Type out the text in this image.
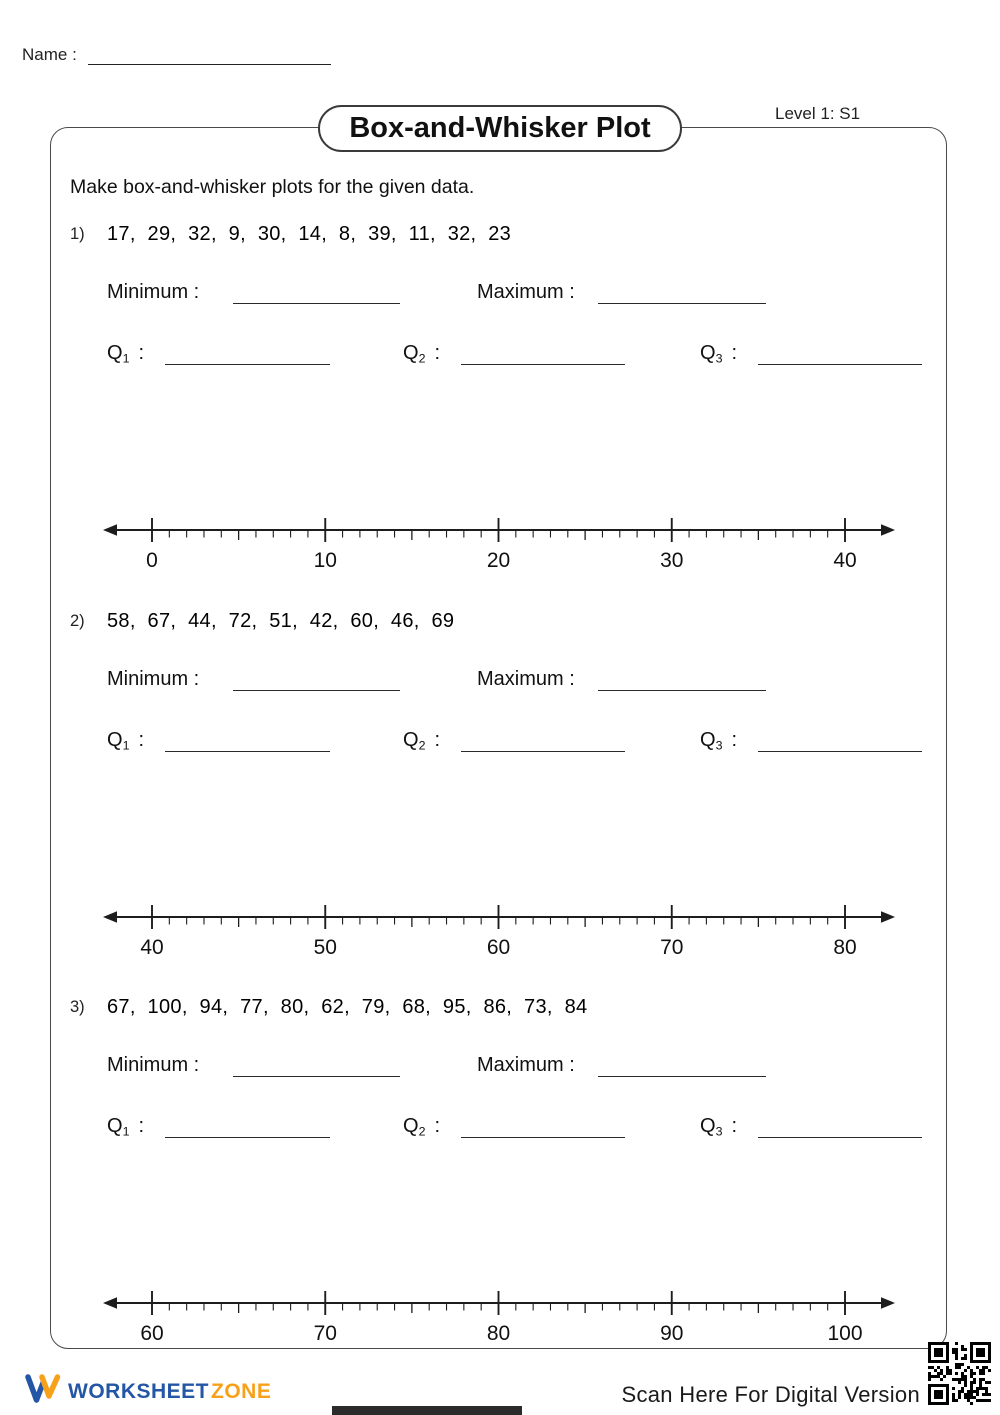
Name :
Level 1: S1
Box-and-Whisker Plot
Make box-and-whisker plots for the given data.
1) 17, 29, 32, 9, 30, 14, 8, 39, 11, 32, 23
Minimum :	Maximum :
$Q_1$ :	$Q_2$ :	$Q_3$ :
0	10	20	30	40
2) 58, 67, 44, 72, 51, 42, 60, 46, 69
Minimum :	Maximum :
$Q_1$ :	$Q_2$ :	$Q_3$ :
40	50	60	70	80
3) 67, 100, 94, 77, 80, 62, 79, 68, 95, 86, 73, 84
Minimum :	Maximum :
$Q_1$ :	$Q_2$ :	$Q_3$ :
60	70	80	90	100
WORKSHEET ZONE	Scan Here For Digital Version
